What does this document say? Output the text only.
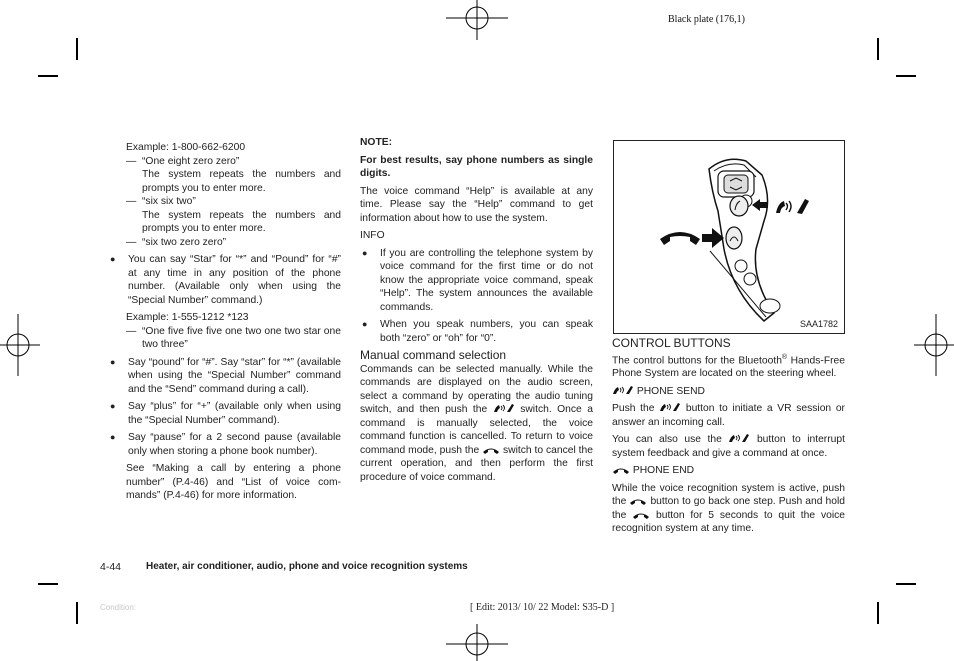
Black plate (176,1)

Example: 1-800-662-6200

— “One eight zero zero”

The system repeats the numbers and prompts you to enter more.

— “six six two”

The system repeats the numbers and prompts you to enter more.

— “six two zero zero”
●	You can say “Star” for “*” and “Pound” for “#” at any time in any position of the phone number. (Available only when using the “Special Number” command.)

Example: 1-555-1212 *123

— “One five five five one two one two star one two three”
●	Say “pound” for “#”. Say “star” for “*” (available when using the “Special Number” command and the “Send” command during a call).
●	Say “plus” for “+” (available only when using the “Special Number” command).
●	Say “pause” for a 2 second pause (available only when storing a phone book number).

See “Making a call by entering a phone number” (P.4-46) and “List of voice com-mands” (P.4-46) for more information.

NOTE:

For best results, say phone numbers as single digits.

The voice command “Help” is available at any time. Please say the “Help” command to get information about how to use the system.

INFO

●	If you are controlling the telephone system by voice command for the first time or do not know the appropriate voice command, speak “Help”. The system announces the available commands.
●	When you speak numbers, you can speak both “zero” or “oh” for “0”.

Manual command selection

Commands can be selected manually. While the commands are displayed on the audio screen, select a command by operating the audio tuning switch, and then push the	switch. Once a command is manually selected, the voice command function is cancelled. To return to voice command mode, push the switch to cancel the current operation, and then perform the first procedure of voice command.

SAA1782

CONTROL BUTTONS

The control buttons for the Bluetooth® Hands-Free Phone System are located on the steering wheel.

PHONE SEND

Push the	button to initiate a VR session or answer an incoming call.

You can also use the	button to interrupt system feedback and give a command at once.

PHONE END

While the voice recognition system is active, push the button to go back one step. Push and hold the	button for 5 seconds to quit the voice recognition system at any time.

4-44 Heater, air conditioner, audio, phone and voice recognition systems
Condition:	[ Edit: 2013/ 10/ 22 Model: S35-D ]
